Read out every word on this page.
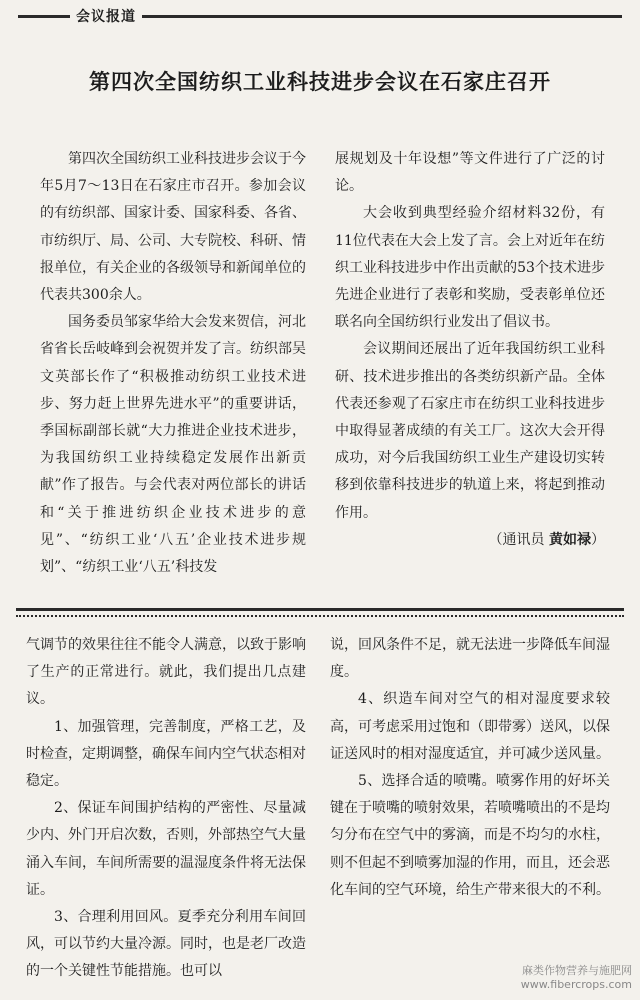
会议报道
第四次全国纺织工业科技进步会议在石家庄召开

第四次全国纺织工业科技进步会议于今年5月7～13日在石家庄市召开。参加会议的有纺织部、国家计委、国家科委、各省、市纺织厅、局、公司、大专院校、科研、情报单位，有关企业的各级领导和新闻单位的代表共300余人。

国务委员邹家华给大会发来贺信，河北省省长岳岐峰到会祝贺并发了言。纺织部吴文英部长作了“积极推动纺织工业技术进步、努力赶上世界先进水平”的重要讲话，季国标副部长就“大力推进企业技术进步，为我国纺织工业持续稳定发展作出新贡献”作了报告。与会代表对两位部长的讲话和“关于推进纺织企业技术进步的意见”、“纺织工业‘八五’企业技术进步规划”、“纺织工业‘八五’科技发

展规划及十年设想”等文件进行了广泛的讨论。

大会收到典型经验介绍材料32份，有11位代表在大会上发了言。会上对近年在纺织工业科技进步中作出贡献的53个技术进步先进企业进行了表彰和奖励，受表彰单位还联名向全国纺织行业发出了倡议书。

会议期间还展出了近年我国纺织工业科研、技术进步推出的各类纺织新产品。全体代表还参观了石家庄市在纺织工业科技进步中取得显著成绩的有关工厂。这次大会开得成功，对今后我国纺织工业生产建设切实转移到依靠科技进步的轨道上来，将起到推动作用。

（通讯员 黄如禄）

气调节的效果往往不能令人满意，以致于影响了生产的正常进行。就此，我们提出几点建议。

1、加强管理，完善制度，严格工艺，及时检查，定期调整，确保车间内空气状态相对稳定。

2、保证车间围护结构的严密性、尽量减少内、外门开启次数，否则，外部热空气大量涌入车间，车间所需要的温湿度条件将无法保证。

3、合理利用回风。夏季充分利用车间回风，可以节约大量冷源。同时，也是老厂改造的一个关键性节能措施。也可以

说，回风条件不足，就无法进一步降低车间湿度。

4、织造车间对空气的相对湿度要求较高，可考虑采用过饱和（即带雾）送风，以保证送风时的相对湿度适宜，并可减少送风量。

5、选择合适的喷嘴。喷雾作用的好坏关键在于喷嘴的喷射效果，若喷嘴喷出的不是均匀分布在空气中的雾滴，而是不均匀的水柱，则不但起不到喷雾加湿的作用，而且，还会恶化车间的空气环境，给生产带来很大的不利。

麻类作物营养与施肥网
www.fibercrops.com
